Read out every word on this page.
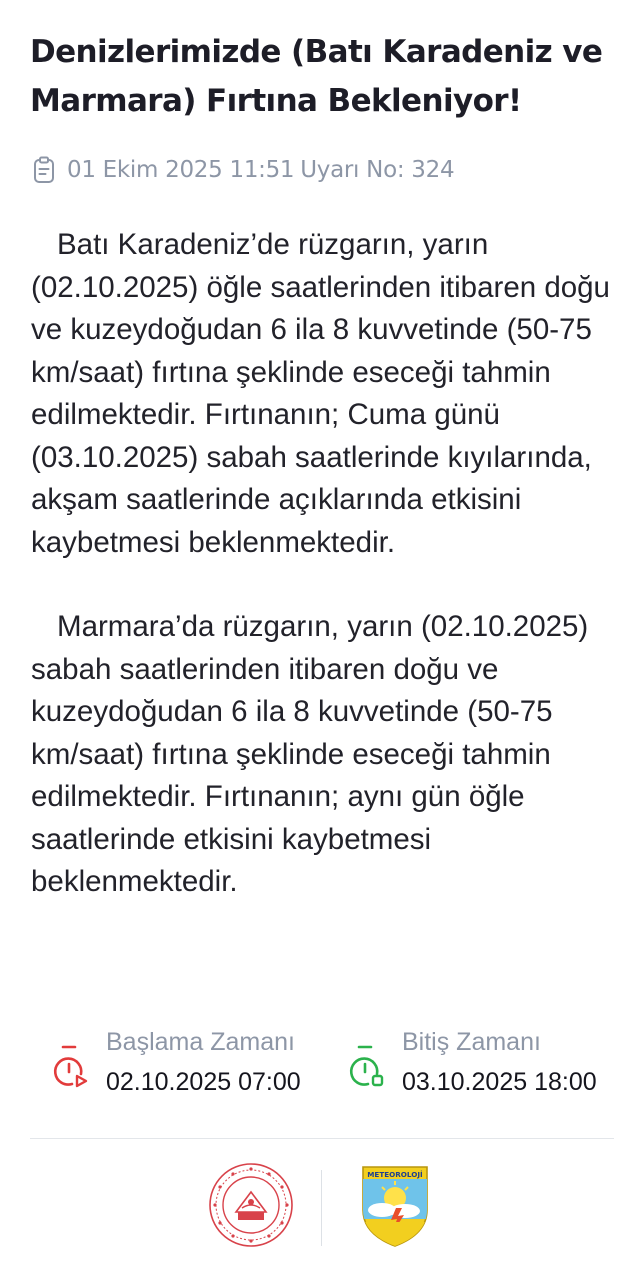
Denizlerimizde (Batı Karadeniz ve Marmara) Fırtına Bekleniyor!
01 Ekim 2025 11:51 Uyarı No: 324

Batı Karadeniz’de rüzgarın, yarın (02.10.2025) öğle saatlerinden itibaren doğu ve kuzeydoğudan 6 ila 8 kuvvetinde (50-75 km/saat) fırtına şeklinde eseceği tahmin edilmektedir. Fırtınanın; Cuma günü (03.10.2025) sabah saatlerinde kıyılarında, akşam saatlerinde açıklarında etkisini kaybetmesi beklenmektedir.

Marmara’da rüzgarın, yarın (02.10.2025) sabah saatlerinden itibaren doğu ve kuzeydoğudan 6 ila 8 kuvvetinde (50-75 km/saat) fırtına şeklinde eseceği tahmin edilmektedir. Fırtınanın; aynı gün öğle saatlerinde etkisini kaybetmesi beklenmektedir.

Başlama Zamanı
02.10.2025 07:00
Bitiş Zamanı
03.10.2025 18:00
METEOROLOJİ
